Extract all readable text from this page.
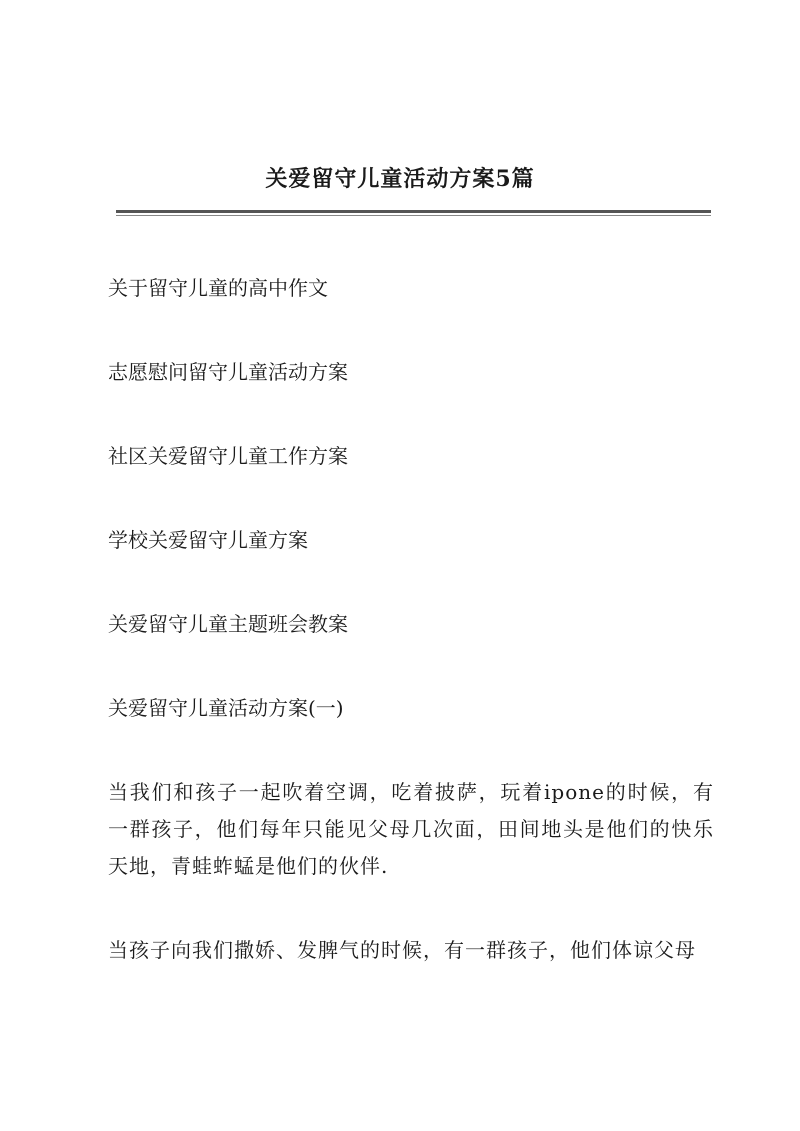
关爱留守儿童活动方案5篇
关于留守儿童的高中作文
志愿慰问留守儿童活动方案
社区关爱留守儿童工作方案
学校关爱留守儿童方案
关爱留守儿童主题班会教案
关爱留守儿童活动方案(一)

当我们和孩子一起吹着空调，吃着披萨，玩着ipone的时候，有一群孩子，他们每年只能见父母几次面，田间地头是他们的快乐天地，青蛙蚱蜢是他们的伙伴.

当孩子向我们撒娇、发脾气的时候，有一群孩子，他们体谅父母
